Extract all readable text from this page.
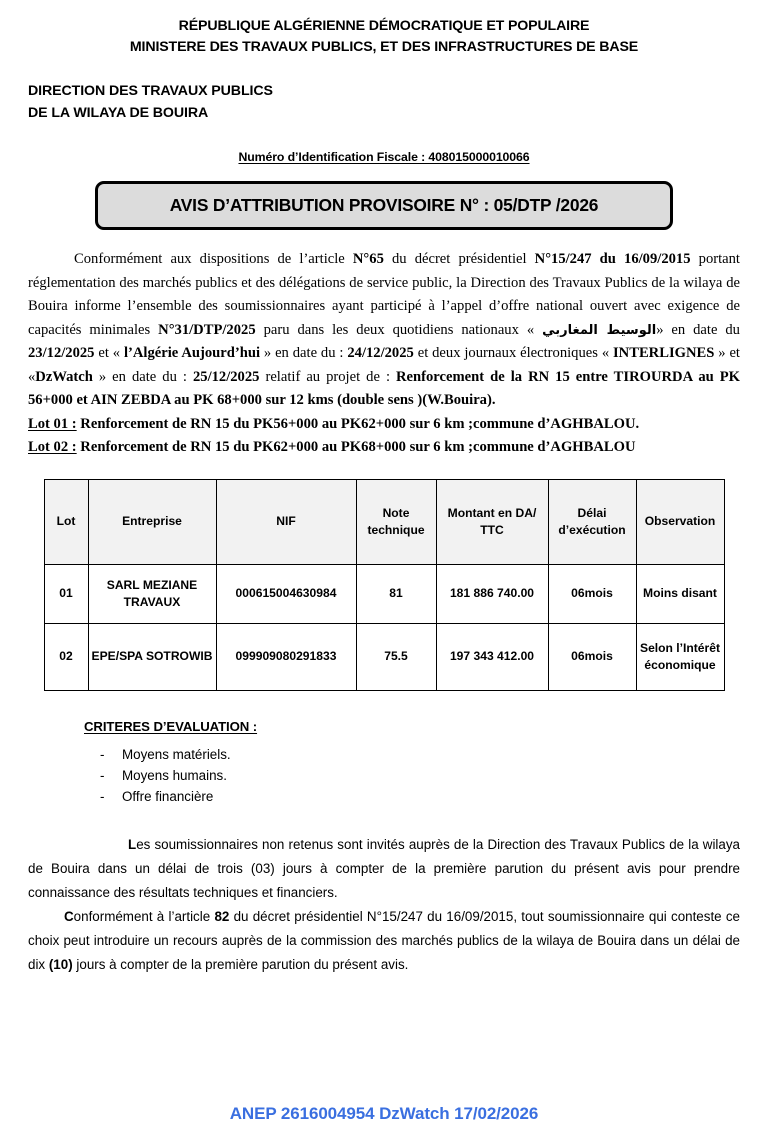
RÉPUBLIQUE ALGÉRIENNE DÉMOCRATIQUE ET POPULAIRE
MINISTERE DES TRAVAUX PUBLICS, ET DES INFRASTRUCTURES DE BASE
DIRECTION DES TRAVAUX PUBLICS
DE LA WILAYA DE BOUIRA
Numéro d’Identification Fiscale : 408015000010066
AVIS D’ATTRIBUTION PROVISOIRE N° : 05/DTP /2026

Conformément aux dispositions de l’article N°65 du décret présidentiel N°15/247 du 16/09/2015 portant réglementation des marchés publics et des délégations de service public, la Direction des Travaux Publics de la wilaya de Bouira informe l’ensemble des soumissionnaires ayant participé à l’appel d’offre national ouvert avec exigence de capacités minimales N°31/DTP/2025 paru dans les deux quotidiens nationaux « الوسيط المغاربي» en date du 23/12/2025 et « l’Algérie Aujourd’hui » en date du : 24/12/2025 et deux journaux électroniques « INTERLIGNES » et «DzWatch » en date du : 25/12/2025 relatif au projet de : Renforcement de la RN 15 entre TIROURDA au PK 56+000 et AIN ZEBDA au PK 68+000 sur 12 kms (double sens )(W.Bouira).

Lot 01 : Renforcement de RN 15 du PK56+000 au PK62+000 sur 6 km ;commune d’AGHBALOU.

Lot 02 : Renforcement de RN 15 du PK62+000 au PK68+000 sur 6 km ;commune d’AGHBALOU

Lot	Entreprise	NIF	Note technique	Montant en DA/ TTC	Délai d’exécution	Observation
01	SARL MEZIANE TRAVAUX	000615004630984	81	181 886 740.00	06mois	Moins disant
02	EPE/SPA SOTROWIB	099909080291833	75.5	197 343 412.00	06mois	Selon l’Intérêt économique
CRITERES D’EVALUATION :
- Moyens matériels.
- Moyens humains.
- Offre financière

Les soumissionnaires non retenus sont invités auprès de la Direction des Travaux Publics de la wilaya de Bouira dans un délai de trois (03) jours à compter de la première parution du présent avis pour prendre connaissance des résultats techniques et financiers.

Conformément à l’article 82 du décret présidentiel N°15/247 du 16/09/2015, tout soumissionnaire qui conteste ce choix peut introduire un recours auprès de la commission des marchés publics de la wilaya de Bouira dans un délai de dix (10) jours à compter de la première parution du présent avis.

ANEP 2616004954 DzWatch 17/02/2026
